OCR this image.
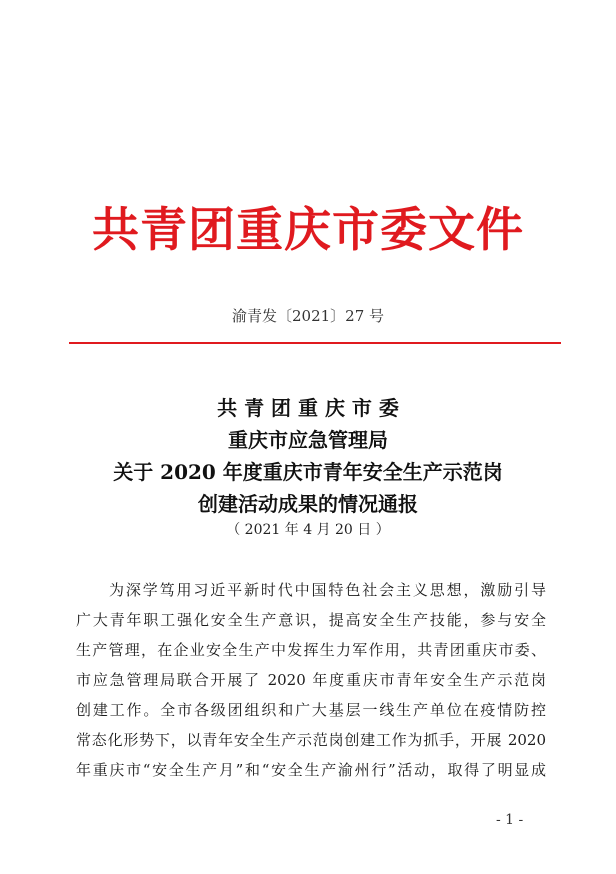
共青团重庆市委文件
渝青发〔2021〕27 号
共 青 团 重 庆 市 委
重庆市应急管理局
关于 2020 年度重庆市青年安全生产示范岗
创建活动成果的情况通报
（ 2021 年 4 月 20 日 ）
为深学笃用习近平新时代中国特色社会主义思想，激励引导
广大青年职工强化安全生产意识，提高安全生产技能，参与安全
生产管理，在企业安全生产中发挥生力军作用，共青团重庆市委、
市应急管理局联合开展了 2020 年度重庆市青年安全生产示范岗
创建工作。全市各级团组织和广大基层一线生产单位在疫情防控
常态化形势下，以青年安全生产示范岗创建工作为抓手，开展 2020
年重庆市“安全生产月”和“安全生产渝州行”活动，取得了明显成
- 1 -
